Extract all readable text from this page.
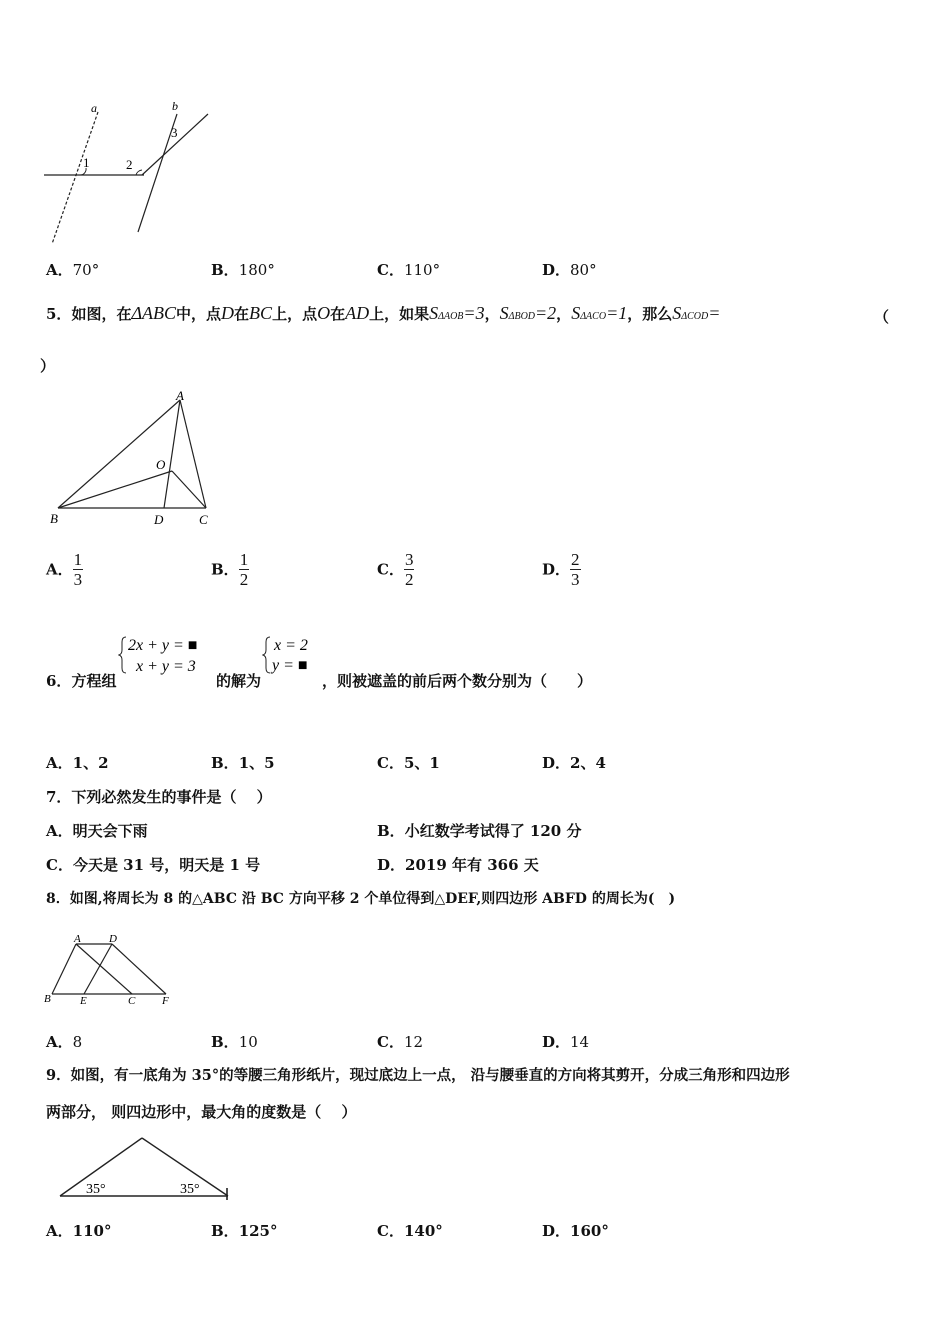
a	b
1	2
3
A．70°	B．180°	C．110°	D．80°
5．如图，在ΔABC中，点D在BC上，点O在AD上，如果SΔAOB=3，SΔBOD=2，SΔACO=1，那么SΔCOD=	（
）
A
O
B	D	C
A． $\frac{1}{3}$	B． $\frac{1}{2}$	C． $\frac{3}{2}$	D． $\frac{2}{3}$
6．方程组
2x + y = ■
x + y = 3
的解为
x = 2
y = ■
，则被遮盖的前后两个数分别为（　　）
A．1、2	B．1、5	C．5、1	D．2、4
7．下列必然发生的事件是（　 ）
A．明天会下雨	B．小红数学考试得了 120 分
C．今天是 31 号，明天是 1 号	D．2019 年有 366 天
8．如图,将周长为 8 的△ABC 沿 BC 方向平移 2 个单位得到△DEF,则四边形 ABFD 的周长为(　)
A	D
B	E	C F
A．8	B．10	C．12	D．14
9．如图，有一底角为 35°的等腰三角形纸片，现过底边上一点， 沿与腰垂直的方向将其剪开，分成三角形和四边形
两部分， 则四边形中，最大角的度数是（　 ）
35°	35°
A．110°	B．125°	C．140°	D．160°
